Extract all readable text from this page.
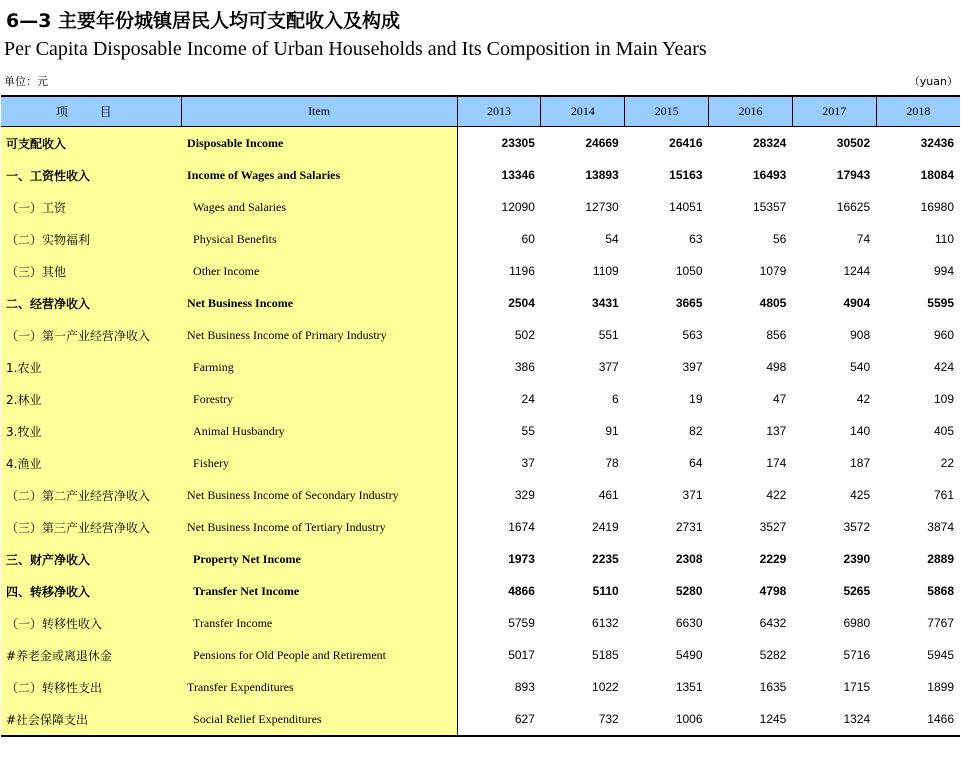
6—3 主要年份城镇居民人均可支配收入及构成
Per Capita Disposable Income of Urban Households and Its Composition in Main Years
单位：元	（yuan）
项 目	Item	2013	2014	2015	2016	2017	2018
可支配收入	Disposable Income	23305	24669	26416	28324	30502	32436
一、工资性收入	Income of Wages and Salaries	13346	13893	15163	16493	17943	18084
（一）工资	Wages and Salaries	12090	12730	14051	15357	16625	16980
（二）实物福利	Physical Benefits	60	54	63	56	74	110
（三）其他	Other Income	1196	1109	1050	1079	1244	994
二、经营净收入	Net Business Income	2504	3431	3665	4805	4904	5595
（一）第一产业经营净收入	Net Business Income of Primary Industry	502	551	563	856	908	960
1.农业	Farming	386	377	397	498	540	424
2.林业	Forestry	24	6	19	47	42	109
3.牧业	Animal Husbandry	55	91	82	137	140	405
4.渔业	Fishery	37	78	64	174	187	22
（二）第二产业经营净收入	Net Business Income of Secondary Industry	329	461	371	422	425	761
（三）第三产业经营净收入	Net Business Income of Tertiary Industry	1674	2419	2731	3527	3572	3874
三、财产净收入	Property Net Income	1973	2235	2308	2229	2390	2889
四、转移净收入	Transfer Net Income	4866	5110	5280	4798	5265	5868
（一）转移性收入	Transfer Income	5759	6132	6630	6432	6980	7767
#养老金或离退休金	Pensions for Old People and Retirement	5017	5185	5490	5282	5716	5945
（二）转移性支出	Transfer Expenditures	893	1022	1351	1635	1715	1899
#社会保障支出	Social Relief Expenditures	627	732	1006	1245	1324	1466
